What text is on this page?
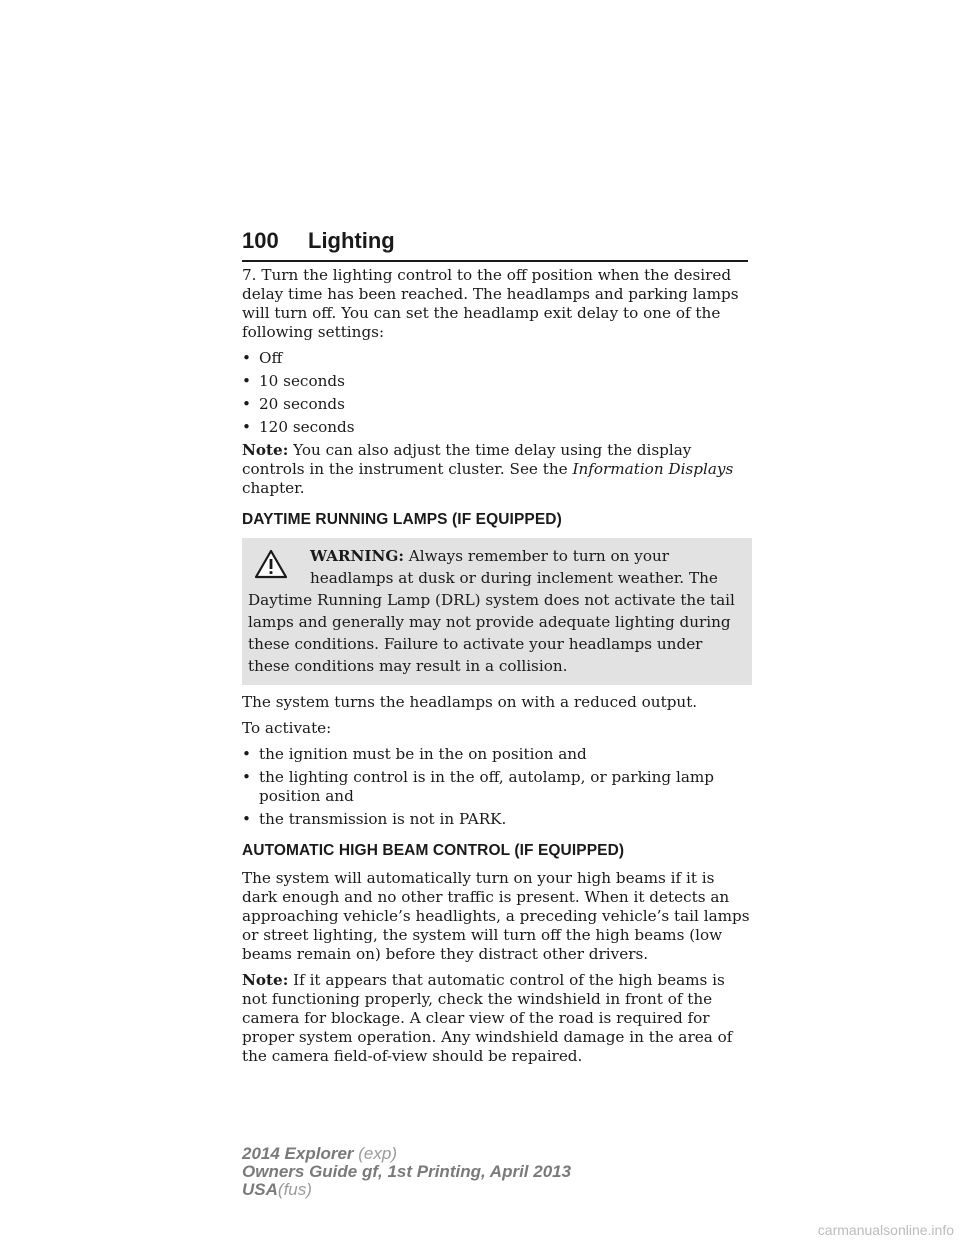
100 Lighting

7. Turn the lighting control to the off position when the desired delay time has been reached. The headlamps and parking lamps will turn off. You can set the headlamp exit delay to one of the following settings:

• Off
• 10 seconds
• 20 seconds
• 120 seconds

Note: You can also adjust the time delay using the display controls in the instrument cluster. See the Information Displays chapter.

DAYTIME RUNNING LAMPS (IF EQUIPPED)
WARNING: Always remember to turn on your headlamps at dusk or during inclement weather. The Daytime Running Lamp (DRL) system does not activate the tail lamps and generally may not provide adequate lighting during these conditions. Failure to activate your headlamps under these conditions may result in a collision.

The system turns the headlamps on with a reduced output.

To activate:

• the ignition must be in the on position and
• the lighting control is in the off, autolamp, or parking lamp position and
• the transmission is not in PARK.
AUTOMATIC HIGH BEAM CONTROL (IF EQUIPPED)

The system will automatically turn on your high beams if it is dark enough and no other traffic is present. When it detects an approaching vehicle’s headlights, a preceding vehicle’s tail lamps or street lighting, the system will turn off the high beams (low beams remain on) before they distract other drivers.

Note: If it appears that automatic control of the high beams is not functioning properly, check the windshield in front of the camera for blockage. A clear view of the road is required for proper system operation. Any windshield damage in the area of the camera field-of-view should be repaired.

2014 Explorer (exp)
Owners Guide gf, 1st Printing, April 2013
USA(fus)
carmanualsonline.info
